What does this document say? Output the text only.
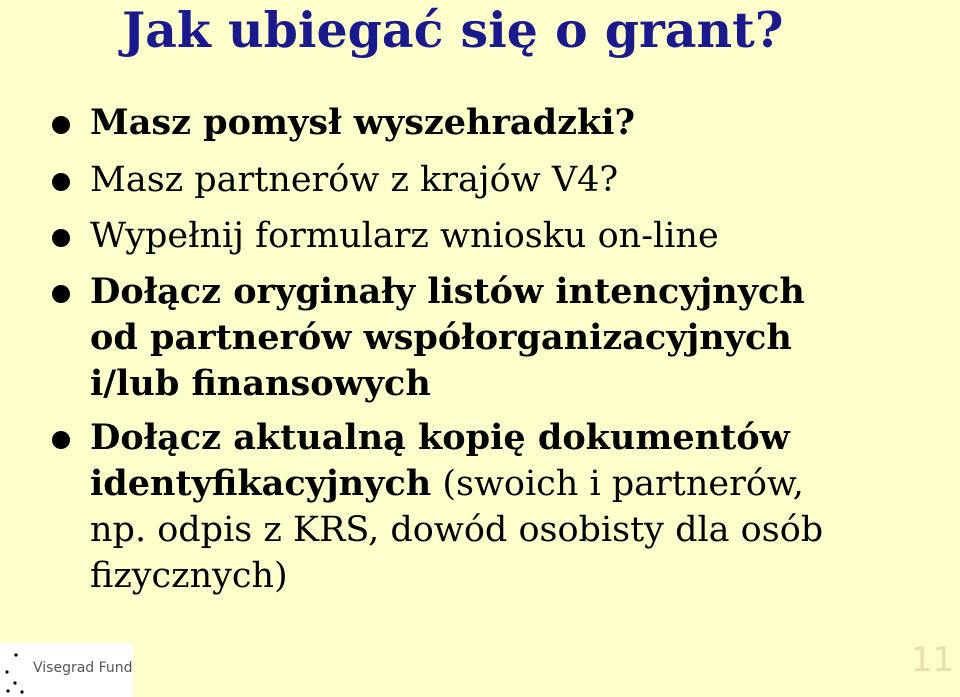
Jak ubiegać się o grant?
Masz pomysł wyszehradzki?
Masz partnerów z krajów V4?
Wypełnij formularz wniosku on-line
Dołącz oryginały listów intencyjnych
od partnerów współorganizacyjnych
i/lub finansowych
Dołącz aktualną kopię dokumentów
identyfikacyjnych (swoich i partnerów,
np. odpis z KRS, dowód osobisty dla osób
fizycznych)
Visegrad Fund	11
